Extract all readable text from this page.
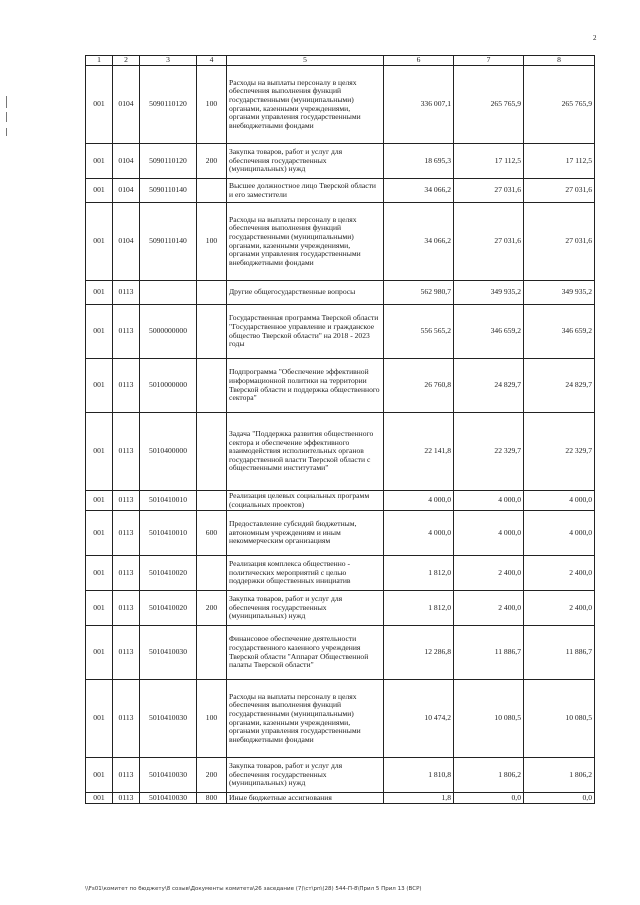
2
1	2	3	4	5	6	7	8
001	0104	5090110120	100	Расходы на выплаты персоналу в целях обеспечения выполнения функций государственными (муниципальными) органами, казенными учреждениями, органами управления государственными внебюджетными фондами	336 007,1	265 765,9	265 765,9
001	0104	5090110120	200	Закупка товаров, работ и услуг для обеспечения государственных (муниципальных) нужд	18 695,3	17 112,5	17 112,5
001	0104	5090110140		Высшее должностное лицо Тверской области и его заместители	34 066,2	27 031,6	27 031,6
001	0104	5090110140	100	Расходы на выплаты персоналу в целях обеспечения выполнения функций государственными (муниципальными) органами, казенными учреждениями, органами управления государственными внебюджетными фондами	34 066,2	27 031,6	27 031,6
001	0113			Другие общегосударственные вопросы	562 980,7	349 935,2	349 935,2
001	0113	5000000000		Государственная программа Тверской области "Государственное управление и гражданское общество Тверской области" на 2018 - 2023 годы	556 565,2	346 659,2	346 659,2
001	0113	5010000000		Подпрограмма "Обеспечение эффективной информационной политики на территории Тверской области и поддержка общественного сектора"	26 760,8	24 829,7	24 829,7
001	0113	5010400000		Задача "Поддержка развития общественного сектора и обеспечение эффективного взаимодействия исполнительных органов государственной власти Тверской области с общественными институтами"	22 141,8	22 329,7	22 329,7
001	0113	5010410010		Реализация целевых социальных программ (социальных проектов)	4 000,0	4 000,0	4 000,0
001	0113	5010410010	600	Предоставление субсидий бюджетным, автономным учреждениям и иным некоммерческим организациям	4 000,0	4 000,0	4 000,0
001	0113	5010410020		Реализация комплекса общественно - политических мероприятий с целью поддержки общественных инициатив	1 812,0	2 400,0	2 400,0
001	0113	5010410020	200	Закупка товаров, работ и услуг для обеспечения государственных (муниципальных) нужд	1 812,0	2 400,0	2 400,0
001	0113	5010410030		Финансовое обеспечение деятельности государственного казенного учреждения Тверской области "Аппарат Общественной палаты Тверской области"	12 286,8	11 886,7	11 886,7
001	0113	5010410030	100	Расходы на выплаты персоналу в целях обеспечения выполнения функций государственными (муниципальными) органами, казенными учреждениями, органами управления государственными внебюджетными фондами	10 474,2	10 080,5	10 080,5
001	0113	5010410030	200	Закупка товаров, работ и услуг для обеспечения государственных (муниципальных) нужд	1 810,8	1 806,2	1 806,2
001	0113	5010410030	800	Иные бюджетные ассигнования	1,8	0,0	0,0
\\Fs01\комитет по бюджету\8 созыв\Документы комитета\26 заседание (7)\ст\рп\(28) 544-П-8\Прил 5 Прил 13 (ВСР)
